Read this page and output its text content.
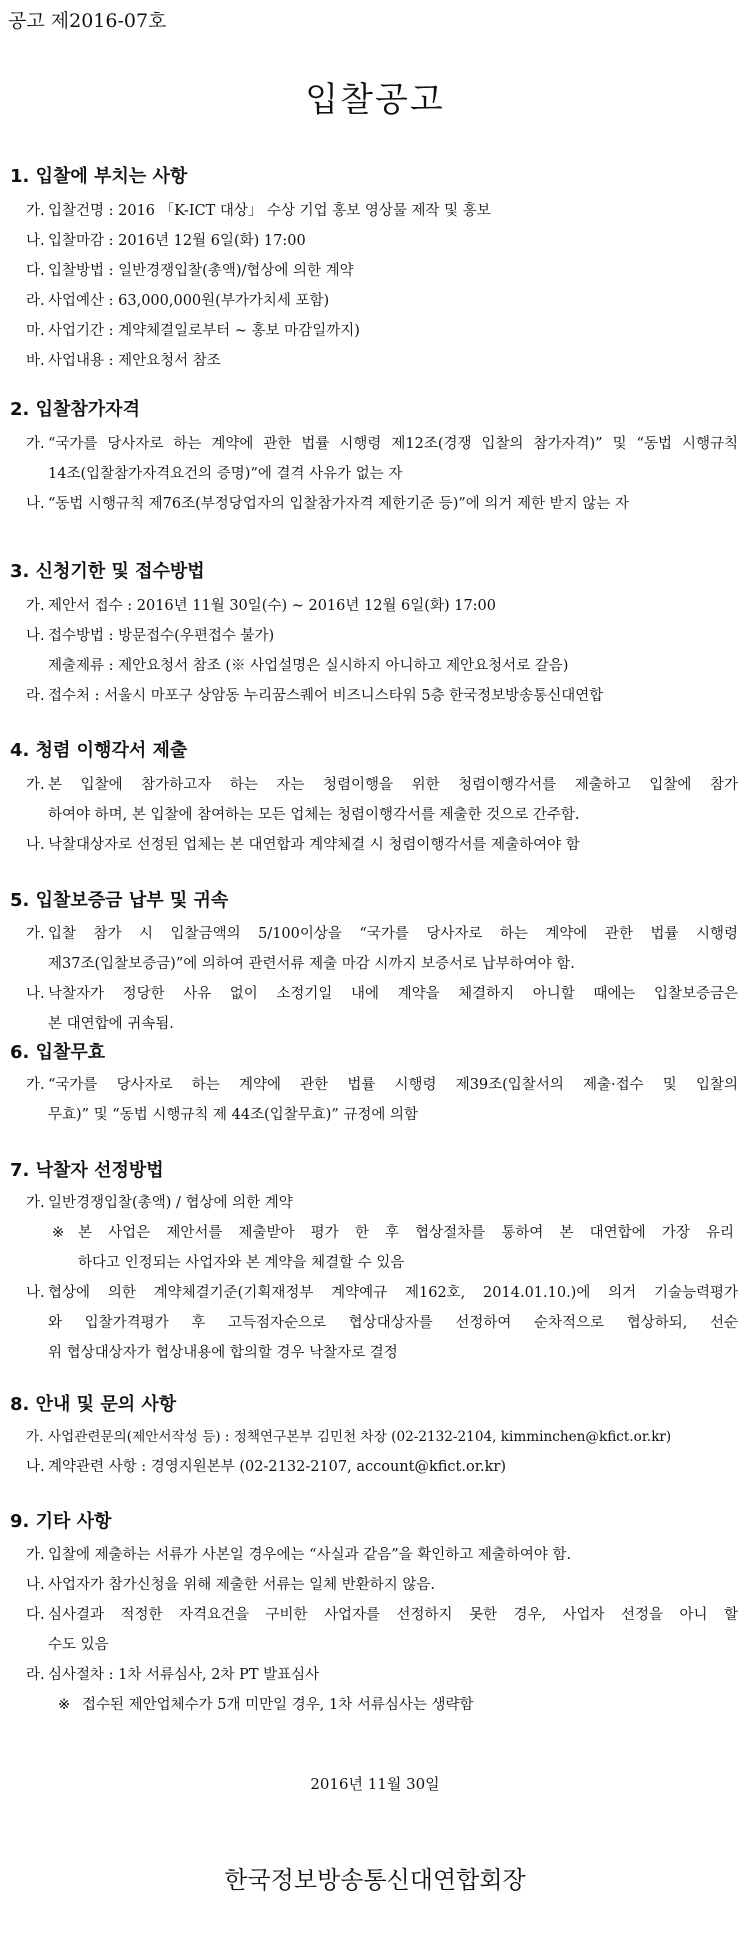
공고 제2016-07호
입찰공고
1. 입찰에 부치는 사항
가. 입찰건명 : 2016 「K-ICT 대상」 수상 기업 홍보 영상물 제작 및 홍보
나. 입찰마감 : 2016년 12월 6일(화) 17:00
다. 입찰방법 : 일반경쟁입찰(총액)/협상에 의한 계약
라. 사업예산 : 63,000,000원(부가가치세 포함)
마. 사업기간 : 계약체결일로부터 ~ 홍보 마감일까지)
바. 사업내용 : 제안요청서 참조
2. 입찰참가자격
가. “국가를 당사자로 하는 계약에 관한 법률 시행령 제12조(경쟁 입찰의 참가자격)” 및 “동법 시행규칙
14조(입찰참가자격요건의 증명)”에 결격 사유가 없는 자
나. “동법 시행규칙 제76조(부정당업자의 입찰참가자격 제한기준 등)”에 의거 제한 받지 않는 자
3. 신청기한 및 접수방법
가. 제안서 접수 : 2016년 11월 30일(수) ~ 2016년 12월 6일(화) 17:00
나. 접수방법 : 방문접수(우편접수 불가)
제출제류 : 제안요청서 참조 (※ 사업설명은 실시하지 아니하고 제안요청서로 갈음)
라. 접수처 : 서울시 마포구 상암동 누리꿈스퀘어 비즈니스타워 5층 한국정보방송통신대연합
4. 청렴 이행각서 제출
가. 본 입찰에 참가하고자 하는 자는 청렴이행을 위한 청렴이행각서를 제출하고 입찰에 참가
하여야 하며, 본 입찰에 참여하는 모든 업체는 청렴이행각서를 제출한 것으로 간주함.
나. 낙찰대상자로 선정된 업체는 본 대연합과 계약체결 시 청렴이행각서를 제출하여야 함
5. 입찰보증금 납부 및 귀속
가. 입찰 참가 시 입찰금액의 5/100이상을 “국가를 당사자로 하는 계약에 관한 법률 시행령
제37조(입찰보증금)”에 의하여 관련서류 제출 마감 시까지 보증서로 납부하여야 함.
나. 낙찰자가 정당한 사유 없이 소정기일 내에 계약을 체결하지 아니할 때에는 입찰보증금은
본 대연합에 귀속됨.
6. 입찰무효
가. “국가를 당사자로 하는 계약에 관한 법률 시행령 제39조(입찰서의 제출·접수 및 입찰의
무효)” 및 “동법 시행규칙 제 44조(입찰무효)” 규정에 의함
7. 낙찰자 선정방법
가. 일반경쟁입찰(총액) / 협상에 의한 계약
※ 본 사업은 제안서를 제출받아 평가 한 후 협상절차를 통하여 본 대연합에 가장 유리
하다고 인정되는 사업자와 본 계약을 체결할 수 있음
나. 협상에 의한 계약체결기준(기획재정부 계약예규 제162호, 2014.01.10.)에 의거 기술능력평가
와 입찰가격평가 후 고득점자순으로 협상대상자를 선정하여 순차적으로 협상하되, 선순
위 협상대상자가 협상내용에 합의할 경우 낙찰자로 결정
8. 안내 및 문의 사항
가. 사업관련문의(제안서작성 등) : 정책연구본부 김민천 차장 (02-2132-2104, kimminchen@kfict.or.kr)
나. 계약관련 사항 : 경영지원본부 (02-2132-2107, account@kfict.or.kr)
9. 기타 사항
가. 입찰에 제출하는 서류가 사본일 경우에는 “사실과 같음”을 확인하고 제출하여야 함.
나. 사업자가 참가신청을 위해 제출한 서류는 일체 반환하지 않음.
다. 심사결과 적정한 자격요건을 구비한 사업자를 선정하지 못한 경우, 사업자 선정을 아니 할
수도 있음
라. 심사절차 : 1차 서류심사, 2차 PT 발표심사
※ 접수된 제안업체수가 5개 미만일 경우, 1차 서류심사는 생략함
2016년 11월 30일
한국정보방송통신대연합회장
